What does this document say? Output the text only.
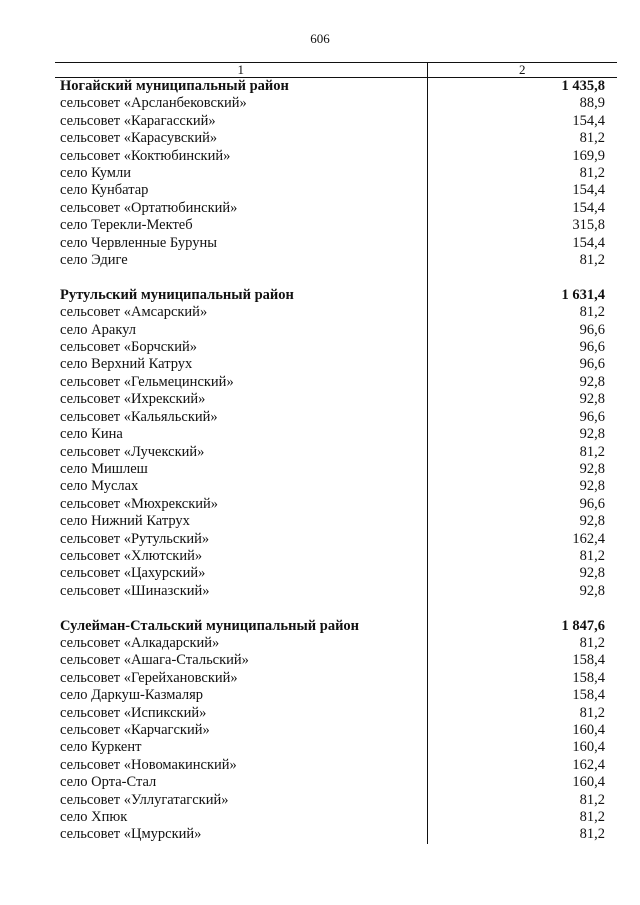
606
1	2
Ногайский муниципальный район	1 435,8
сельсовет «Арсланбековский»	88,9
сельсовет «Карагасский»	154,4
сельсовет «Карасувский»	81,2
сельсовет «Коктюбинский»	169,9
село Кумли	81,2
село Кунбатар	154,4
сельсовет «Ортатюбинский»	154,4
село Терекли-Мектеб	315,8
село Червленные Буруны	154,4
село Эдиге	81,2

Рутульский муниципальный район	1 631,4
сельсовет «Амсарский»	81,2
село Аракул	96,6
сельсовет «Борчский»	96,6
село Верхний Катрух	96,6
сельсовет «Гельмецинский»	92,8
сельсовет «Ихрекский»	92,8
сельсовет «Кальяльский»	96,6
село Кина	92,8
сельсовет «Лучекский»	81,2
село Мишлеш	92,8
село Муслах	92,8
сельсовет «Мюхрекский»	96,6
село Нижний Катрух	92,8
сельсовет «Рутульский»	162,4
сельсовет «Хлютский»	81,2
сельсовет «Цахурский»	92,8
сельсовет «Шиназский»	92,8

Сулейман-Стальский муниципальный район	1 847,6
сельсовет «Алкадарский»	81,2
сельсовет «Ашага-Стальский»	158,4
сельсовет «Герейхановский»	158,4
село Даркуш-Казмаляр	158,4
сельсовет «Испикский»	81,2
сельсовет «Карчагский»	160,4
село Куркент	160,4
сельсовет «Новомакинский»	162,4
село Орта-Стал	160,4
сельсовет «Уллугатагский»	81,2
село Хпюк	81,2
сельсовет «Цмурский»	81,2
